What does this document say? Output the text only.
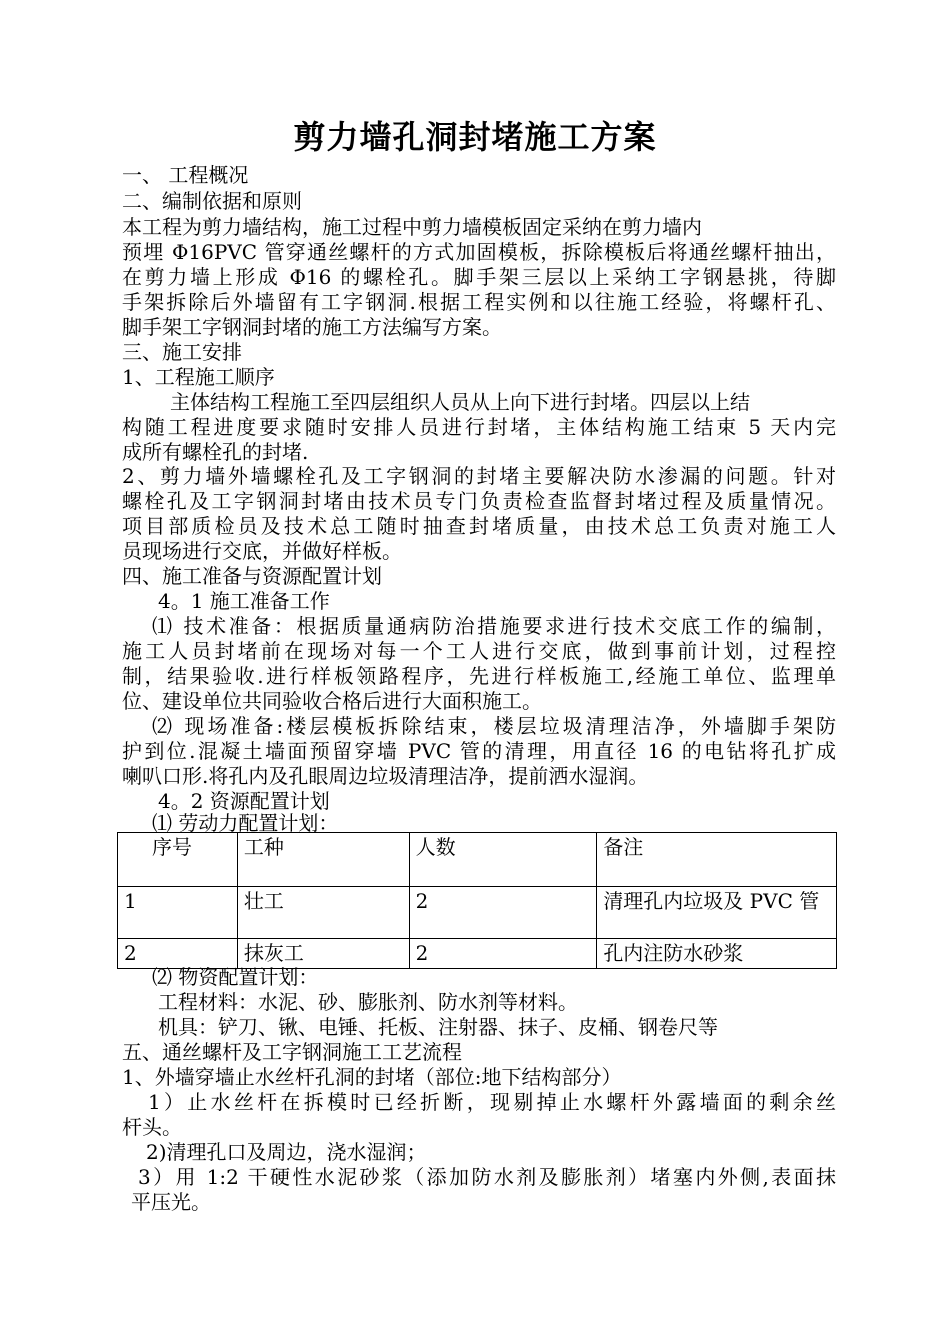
剪力墙孔洞封堵施工方案
一、 工程概况
二、编制依据和原则
本工程为剪力墙结构，施工过程中剪力墙模板固定采纳在剪力墙内
预埋 Φ16PVC 管穿通丝螺杆的方式加固模板，拆除模板后将通丝螺杆抽出，
在剪力墙上形成 Φ16 的螺栓孔。脚手架三层以上采纳工字钢悬挑，待脚
手架拆除后外墙留有工字钢洞.根据工程实例和以往施工经验，将螺杆孔、
脚手架工字钢洞封堵的施工方法编写方案。
三、施工安排
1、工程施工顺序
主体结构工程施工至四层组织人员从上向下进行封堵。四层以上结
构随工程进度要求随时安排人员进行封堵，主体结构施工结束 5 天内完
成所有螺栓孔的封堵.
2、剪力墙外墙螺栓孔及工字钢洞的封堵主要解决防水渗漏的问题。针对
螺栓孔及工字钢洞封堵由技术员专门负责检查监督封堵过程及质量情况。
项目部质检员及技术总工随时抽查封堵质量，由技术总工负责对施工人
员现场进行交底，并做好样板。
四、施工准备与资源配置计划
4。1 施工准备工作
⑴ 技术准备：根据质量通病防治措施要求进行技术交底工作的编制，
施工人员封堵前在现场对每一个工人进行交底，做到事前计划，过程控
制，结果验收.进行样板领路程序，先进行样板施工,经施工单位、监理单
位、建设单位共同验收合格后进行大面积施工。
⑵ 现场准备:楼层模板拆除结束，楼层垃圾清理洁净，外墙脚手架防
护到位.混凝土墙面预留穿墙 PVC 管的清理，用直径 16 的电钻将孔扩成
喇叭口形.将孔内及孔眼周边垃圾清理洁净，提前洒水湿润。
4。2 资源配置计划
⑴ 劳动力配置计划：
序号	工种	人数	备注
1	壮工	2	清理孔内垃圾及 PVC 管
2	抹灰工	2	孔内注防水砂浆
⑵ 物资配置计划：
工程材料：水泥、砂、膨胀剂、防水剂等材料。
机具：铲刀、锹、电锤、托板、注射器、抹子、皮桶、钢卷尺等
五、通丝螺杆及工字钢洞施工工艺流程
1、外墙穿墙止水丝杆孔洞的封堵（部位:地下结构部分）
1）止水丝杆在拆模时已经折断，现剔掉止水螺杆外露墙面的剩余丝
杆头。
2)清理孔口及周边，浇水湿润；
3）用 1:2 干硬性水泥砂浆（添加防水剂及膨胀剂）堵塞内外侧,表面抹
平压光。
